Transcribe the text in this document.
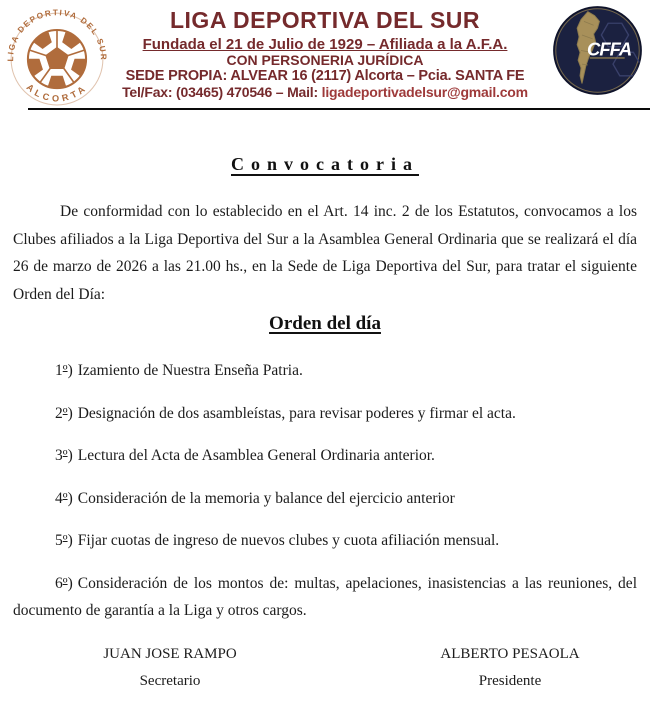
LIGA DEPORTIVA DEL SUR
ALCORTA
CFFA
LIGA DEPORTIVA DEL SUR
Fundada el 21 de Julio de 1929 – Afiliada a la A.F.A.
CON PERSONERIA JURÍDICA
SEDE PROPIA: ALVEAR 16 (2117) Alcorta – Pcia. SANTA FE
Tel/Fax: (03465) 470546 – Mail: ligadeportivadelsur@gmail.com
Convocatoria

De conformidad con lo establecido en el Art. 14 inc. 2 de los Estatutos, convocamos a los Clubes afiliados a la Liga Deportiva del Sur a la Asamblea General Ordinaria que se realizará el día 26 de marzo de 2026 a las 21.00 hs., en la Sede de Liga Deportiva del Sur, para tratar el siguiente Orden del Día:

Orden del día

1º) Izamiento de Nuestra Enseña Patria.

2º) Designación de dos asambleístas, para revisar poderes y firmar el acta.

3º) Lectura del Acta de Asamblea General Ordinaria anterior.

4º) Consideración de la memoria y balance del ejercicio anterior

5º) Fijar cuotas de ingreso de nuevos clubes y cuota afiliación mensual.

6º) Consideración de los montos de: multas, apelaciones, inasistencias a las reuniones, del documento de garantía a la Liga y otros cargos.

JUAN JOSE RAMPO
Secretario
ALBERTO PESAOLA
Presidente
